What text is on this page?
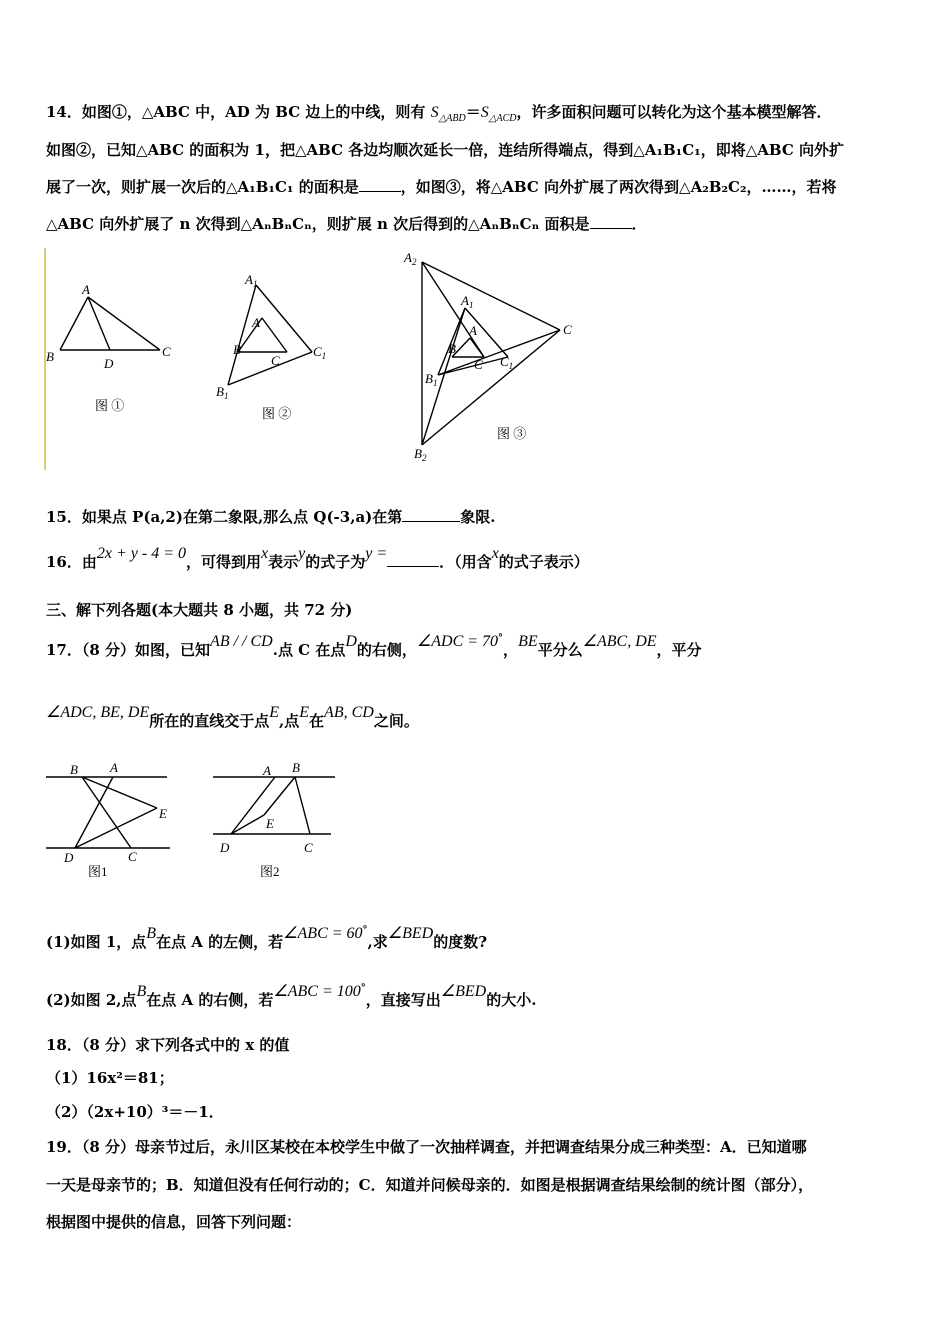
14．如图①，△ABC 中，AD 为 BC 边上的中线，则有 $S_{\triangle ABD}=S_{\triangle ACD}$，许多面积问题可以转化为这个基本模型解答．
如图②，已知△ABC 的面积为 1，把△ABC 各边均顺次延长一倍，连结所得端点，得到△A₁B₁C₁，即将△ABC 向外扩
展了一次，则扩展一次后的△A₁B₁C₁ 的面积是	，如图③，将△ABC 向外扩展了两次得到△A₂B₂C₂，……，若将
△ABC 向外扩展了 n 次得到△AₙBₙCₙ，则扩展 n 次后得到的△AₙBₙCₙ 面积是	．
A
B	C
D
图 ①
$A_1$
A
B
C
$C_1$
$B_1$
图 ②
$A_2$
$A_1$
A
B
C $C_1$
C
$B_1$
$B_2$
图 ③
15．如果点 P(a,2)在第二象限,那么点 Q(-3,a)在第	象限.
16．由2x + y - 4 = 0，可得到用x表示y的式子为y =	．（用含x的式子表示）
三、解下列各题(本大题共 8 小题，共 72 分)
17．（8 分）如图，已知AB / / CD.点 C 在点D的右侧，∠ADC = 70°，BE平分么∠ABC, DE，平分
∠ADC, BE, DE所在的直线交于点E,点E在AB, CD之间。
B A
E
D	C
图1
A B
E
D	C
图2
(1)如图 1，点B在点 A 的左侧，若∠ABC = 60°,求∠BED的度数?
(2)如图 2,点B在点 A 的右侧，若∠ABC = 100°，直接写出∠BED的大小.
18．（8 分）求下列各式中的 x 的值
（1）16x²＝81；
（2）（2x+10）³＝－1．
19．（8 分）母亲节过后，永川区某校在本校学生中做了一次抽样调查，并把调查结果分成三种类型：A．已知道哪
一天是母亲节的；B．知道但没有任何行动的；C．知道并问候母亲的．如图是根据调查结果绘制的统计图（部分），
根据图中提供的信息，回答下列问题：
